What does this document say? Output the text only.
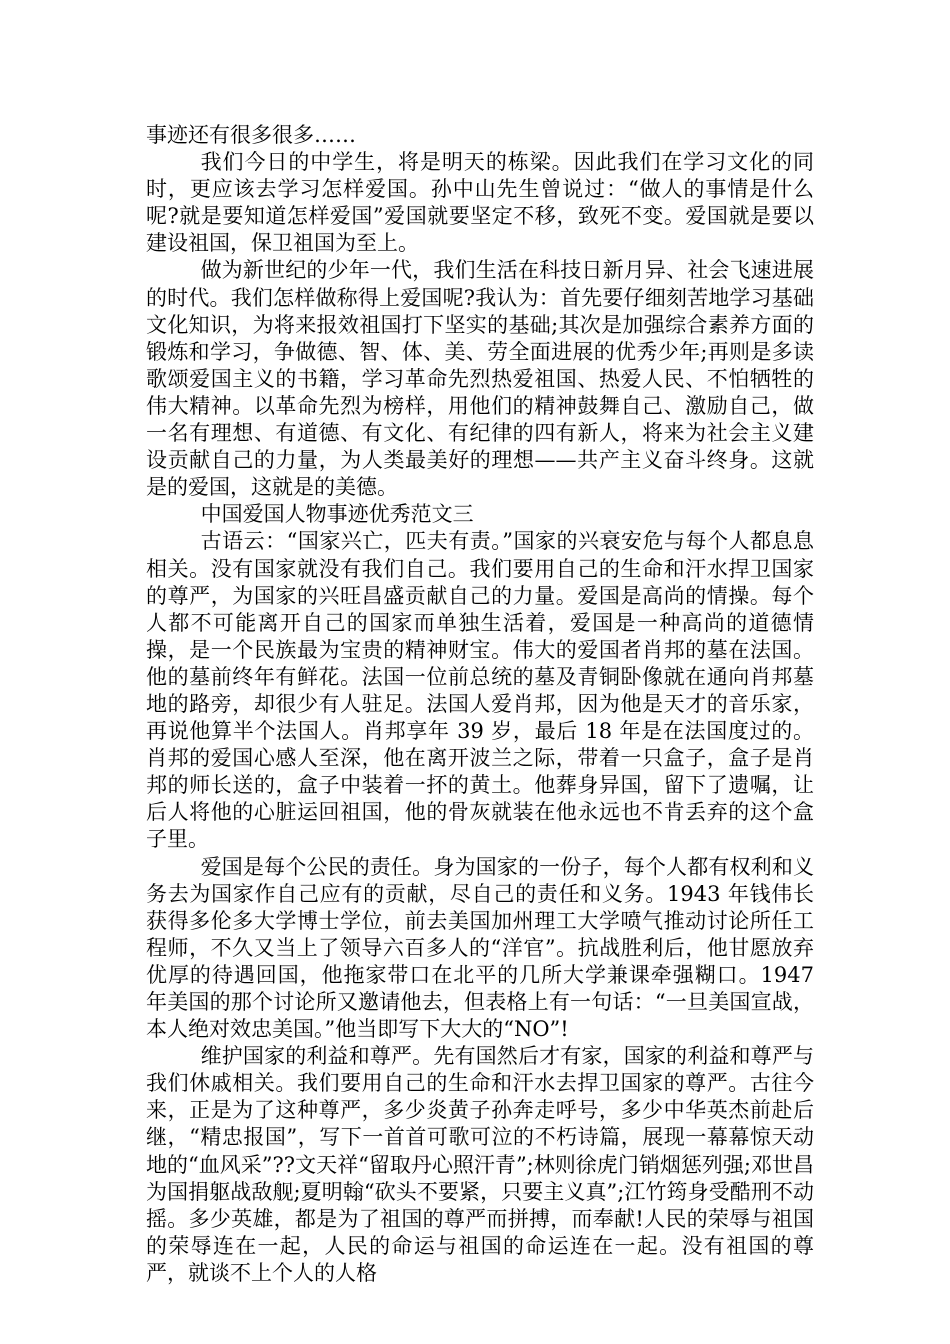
事迹还有很多很多……

我们今日的中学生，将是明天的栋梁。因此我们在学习文化的同时，更应该去学习怎样爱国。孙中山先生曾说过：“做人的事情是什么呢?就是要知道怎样爱国”爱国就要坚定不移，致死不变。爱国就是要以建设祖国，保卫祖国为至上。

做为新世纪的少年一代，我们生活在科技日新月异、社会飞速进展的时代。我们怎样做称得上爱国呢?我认为：首先要仔细刻苦地学习基础文化知识，为将来报效祖国打下坚实的基础;其次是加强综合素养方面的锻炼和学习，争做德、智、体、美、劳全面进展的优秀少年;再则是多读歌颂爱国主义的书籍，学习革命先烈热爱祖国、热爱人民、不怕牺牲的伟大精神。以革命先烈为榜样，用他们的精神鼓舞自己、激励自己，做一名有理想、有道德、有文化、有纪律的四有新人，将来为社会主义建设贡献自己的力量，为人类最美好的理想——共产主义奋斗终身。这就是的爱国，这就是的美德。

中国爱国人物事迹优秀范文三

古语云：“国家兴亡，匹夫有责。”国家的兴衰安危与每个人都息息相关。没有国家就没有我们自己。我们要用自己的生命和汗水捍卫国家的尊严，为国家的兴旺昌盛贡献自己的力量。爱国是高尚的情操。每个人都不可能离开自己的国家而单独生活着，爱国是一种高尚的道德情操，是一个民族最为宝贵的精神财宝。伟大的爱国者肖邦的墓在法国。他的墓前终年有鲜花。法国一位前总统的墓及青铜卧像就在通向肖邦墓地的路旁，却很少有人驻足。法国人爱肖邦，因为他是天才的音乐家，再说他算半个法国人。肖邦享年 39 岁，最后 18 年是在法国度过的。肖邦的爱国心感人至深，他在离开波兰之际，带着一只盒子，盒子是肖邦的师长送的，盒子中装着一抔的黄土。他葬身异国，留下了遗嘱，让后人将他的心脏运回祖国，他的骨灰就装在他永远也不肯丢弃的这个盒子里。

爱国是每个公民的责任。身为国家的一份子，每个人都有权利和义务去为国家作自己应有的贡献，尽自己的责任和义务。1943 年钱伟长获得多伦多大学博士学位，前去美国加州理工大学喷气推动讨论所任工程师，不久又当上了领导六百多人的“洋官”。抗战胜利后，他甘愿放弃优厚的待遇回国，他拖家带口在北平的几所大学兼课牵强糊口。1947 年美国的那个讨论所又邀请他去，但表格上有一句话：“一旦美国宣战，本人绝对效忠美国。”他当即写下大大的“NO”!

维护国家的利益和尊严。先有国然后才有家，国家的利益和尊严与我们休戚相关。我们要用自己的生命和汗水去捍卫国家的尊严。古往今来，正是为了这种尊严，多少炎黄子孙奔走呼号，多少中华英杰前赴后继，“精忠报国”，写下一首首可歌可泣的不朽诗篇，展现一幕幕惊天动地的“血风采”??文天祥“留取丹心照汗青”;林则徐虎门销烟惩列强;邓世昌为国捐躯战敌舰;夏明翰“砍头不要紧，只要主义真”;江竹筠身受酷刑不动摇。多少英雄，都是为了祖国的尊严而拼搏，而奉献!人民的荣辱与祖国的荣辱连在一起，人民的命运与祖国的命运连在一起。没有祖国的尊严，就谈不上个人的人格
